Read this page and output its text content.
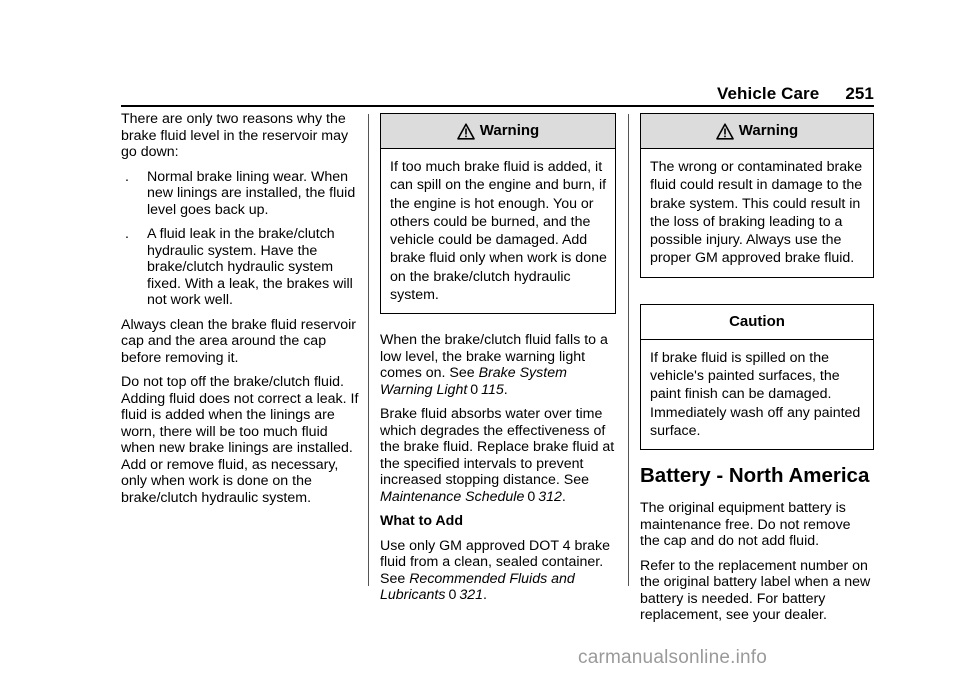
Vehicle Care 251

There are only two reasons why the brake fluid level in the reservoir may go down:

.	Normal brake lining wear. When new linings are installed, the fluid level goes back up.
.	A fluid leak in the brake/clutch hydraulic system. Have the brake/clutch hydraulic system fixed. With a leak, the brakes will not work well.

Always clean the brake fluid reservoir cap and the area around the cap before removing it.

Do not top off the brake/clutch fluid. Adding fluid does not correct a leak. If fluid is added when the linings are worn, there will be too much fluid when new brake linings are installed. Add or remove fluid, as necessary, only when work is done on the brake/clutch hydraulic system.

Warning
If too much brake fluid is added, it can spill on the engine and burn, if the engine is hot enough. You or others could be burned, and the vehicle could be damaged. Add brake fluid only when work is done on the brake/clutch hydraulic system.

When the brake/clutch fluid falls to a low level, the brake warning light comes on. See Brake System Warning Light 0 115.

Brake fluid absorbs water over time which degrades the effectiveness of the brake fluid. Replace brake fluid at the specified intervals to prevent increased stopping distance. See Maintenance Schedule 0 312.

What to Add

Use only GM approved DOT 4 brake fluid from a clean, sealed container. See Recommended Fluids and Lubricants 0 321.

Warning
The wrong or contaminated brake fluid could result in damage to the brake system. This could result in the loss of braking leading to a possible injury. Always use the proper GM approved brake fluid.
Caution
If brake fluid is spilled on the vehicle's painted surfaces, the paint finish can be damaged. Immediately wash off any painted surface.
Battery - North America

The original equipment battery is maintenance free. Do not remove the cap and do not add fluid.

Refer to the replacement number on the original battery label when a new battery is needed. For battery replacement, see your dealer.

carmanualsonline.info
